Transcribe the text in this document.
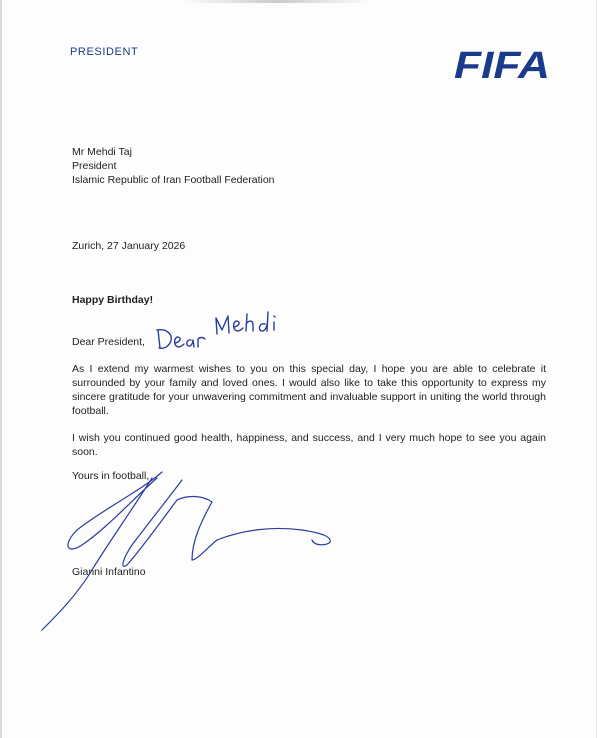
PRESIDENT	FIFA
Mr Mehdi Taj
President
Islamic Republic of Iran Football Federation
Zurich, 27 January 2026
Happy Birthday!
Dear President,

As I extend my warmest wishes to you on this special day, I hope you are able to celebrate it surrounded by your family and loved ones. I would also like to take this opportunity to express my sincere gratitude for your unwavering commitment and invaluable support in uniting the world through football.

I wish you continued good health, happiness, and success, and I very much hope to see you again soon.

Yours in football,
Gianni Infantino
